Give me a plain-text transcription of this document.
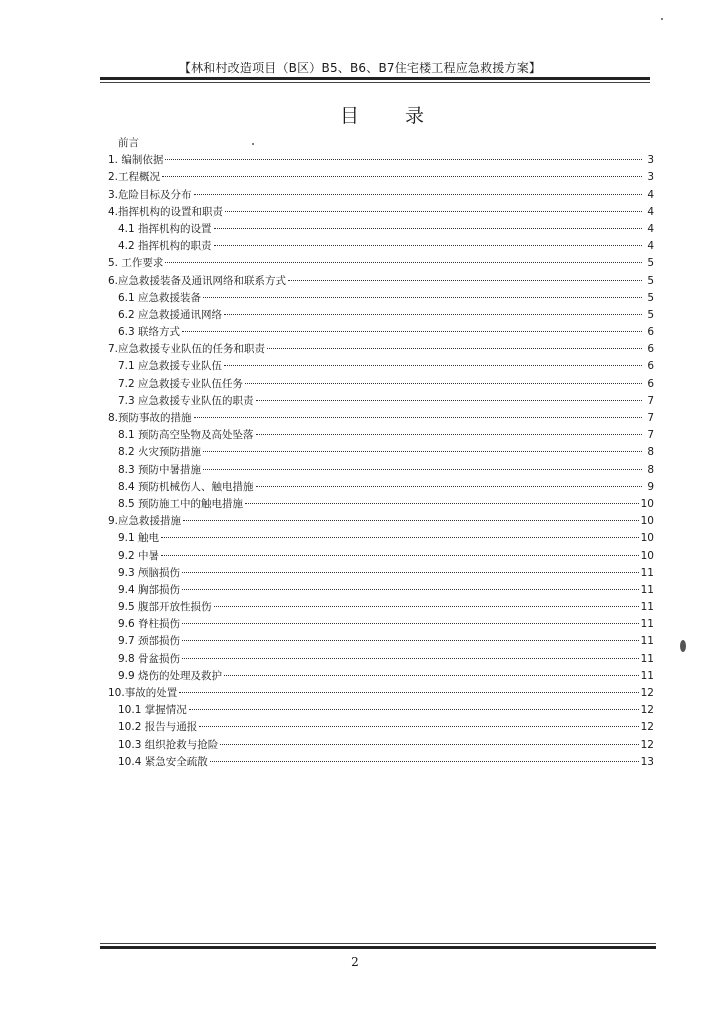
【林和村改造项目（B区）B5、B6、B7住宅楼工程应急救援方案】
目录
前言
1. 编制依据	3
2.工程概况	3
3.危险目标及分布	4
4.指挥机构的设置和职责	4
4.1 指挥机构的设置	4
4.2 指挥机构的职责	4
5. 工作要求	5
6.应急救援装备及通讯网络和联系方式	5
6.1 应急救援装备	5
6.2 应急救援通讯网络	5
6.3 联络方式	6
7.应急救援专业队伍的任务和职责	6
7.1 应急救援专业队伍	6
7.2 应急救援专业队伍任务	6
7.3 应急救援专业队伍的职责	7
8.预防事故的措施	7
8.1 预防高空坠物及高处坠落	7
8.2 火灾预防措施	8
8.3 预防中暑措施	8
8.4 预防机械伤人、触电措施	9
8.5 预防施工中的触电措施	10
9.应急救援措施	10
9.1 触电	10
9.2 中暑	10
9.3 颅脑损伤	11
9.4 胸部损伤	11
9.5 腹部开放性损伤	11
9.6 脊柱损伤	11
9.7 颈部损伤	11
9.8 骨盆损伤	11
9.9 烧伤的处理及救护	11
10.事故的处置	12
10.1 掌握情况	12
10.2 报告与通报	12
10.3 组织抢救与抢险	12
10.4 紧急安全疏散	13
2
